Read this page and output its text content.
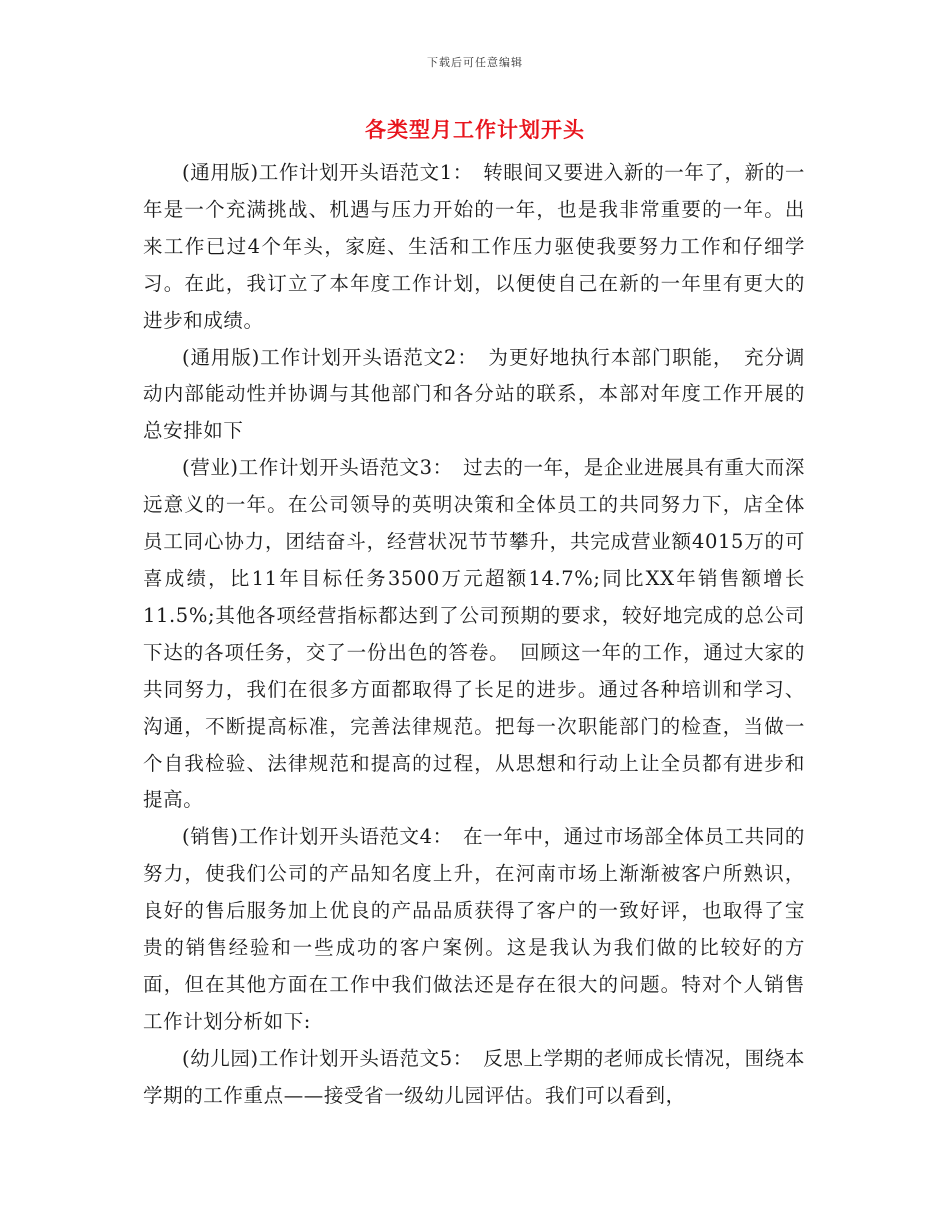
下载后可任意编辑
各类型月工作计划开头

(通用版)工作计划开头语范文1：　转眼间又要进入新的一年了，新的一年是一个充满挑战、机遇与压力开始的一年，也是我非常重要的一年。出来工作已过4个年头，家庭、生活和工作压力驱使我要努力工作和仔细学习。在此，我订立了本年度工作计划，以便使自己在新的一年里有更大的进步和成绩。

(通用版)工作计划开头语范文2：　为更好地执行本部门职能，　充分调动内部能动性并协调与其他部门和各分站的联系，本部对年度工作开展的总安排如下

(营业)工作计划开头语范文3：　过去的一年，是企业进展具有重大而深远意义的一年。在公司领导的英明决策和全体员工的共同努力下，店全体员工同心协力，团结奋斗，经营状况节节攀升，共完成营业额4015万的可喜成绩，比11年目标任务3500万元超额14.7%;同比XX年销售额增长11.5%;其他各项经营指标都达到了公司预期的要求，较好地完成的总公司下达的各项任务，交了一份出色的答卷。　回顾这一年的工作，通过大家的共同努力，我们在很多方面都取得了长足的进步。通过各种培训和学习、沟通，不断提高标准，完善法律规范。把每一次职能部门的检查，当做一个自我检验、法律规范和提高的过程，从思想和行动上让全员都有进步和提高。

(销售)工作计划开头语范文4：　在一年中，通过市场部全体员工共同的努力，使我们公司的产品知名度上升，在河南市场上渐渐被客户所熟识，良好的售后服务加上优良的产品品质获得了客户的一致好评，也取得了宝贵的销售经验和一些成功的客户案例。这是我认为我们做的比较好的方面，但在其他方面在工作中我们做法还是存在很大的问题。特对个人销售工作计划分析如下:

(幼儿园)工作计划开头语范文5：　反思上学期的老师成长情况，围绕本学期的工作重点——接受省一级幼儿园评估。我们可以看到，
